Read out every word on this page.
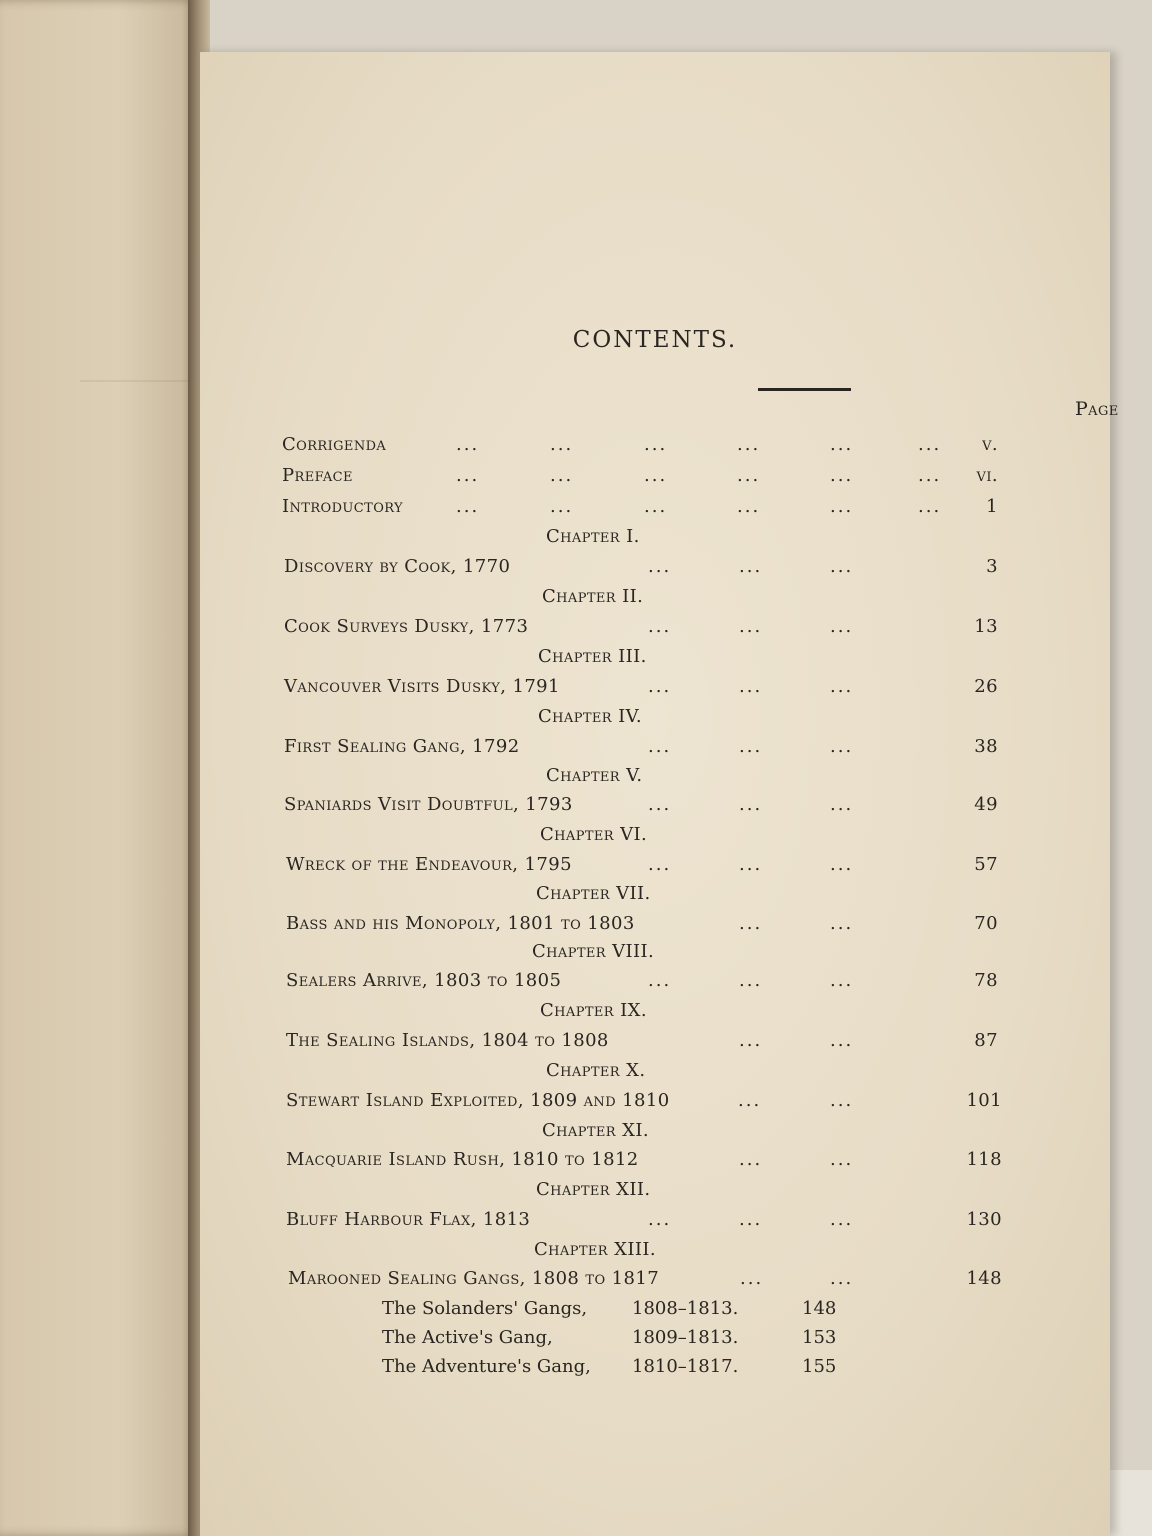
CONTENTS.
Page
Corrigenda	...	...	...	...	...	...	v.
Preface	...	...	...	...	...	...	vi.
Introductory	...	...	...	...	...	...	1
Chapter I.
Discovery by Cook, 1770	...	...	...	3
Chapter II.
Cook Surveys Dusky, 1773	...	...	...	13
Chapter III.
Vancouver Visits Dusky, 1791	...	...	...	26
Chapter IV.
First Sealing Gang, 1792	...	...	...	38
Chapter V.
Spaniards Visit Doubtful, 1793	...	...	...	49
Chapter VI.
Wreck of the Endeavour, 1795	...	...	...	57
Chapter VII.
Bass and his Monopoly, 1801 to 1803	...	...	70
Chapter VIII.
Sealers Arrive, 1803 to 1805	...	...	...	78
Chapter IX.
The Sealing Islands, 1804 to 1808	...	...	87
Chapter X.
Stewart Island Exploited, 1809 and 1810	...	...	101
Chapter XI.
Macquarie Island Rush, 1810 to 1812	...	...	118
Chapter XII.
Bluff Harbour Flax, 1813	...	...	...	130
Chapter XIII.
Marooned Sealing Gangs, 1808 to 1817	...	...	148
The Solanders' Gangs, 1808–1813.	148
The Active's Gang,	1809–1813.	153
The Adventure's Gang, 1810–1817.	155
